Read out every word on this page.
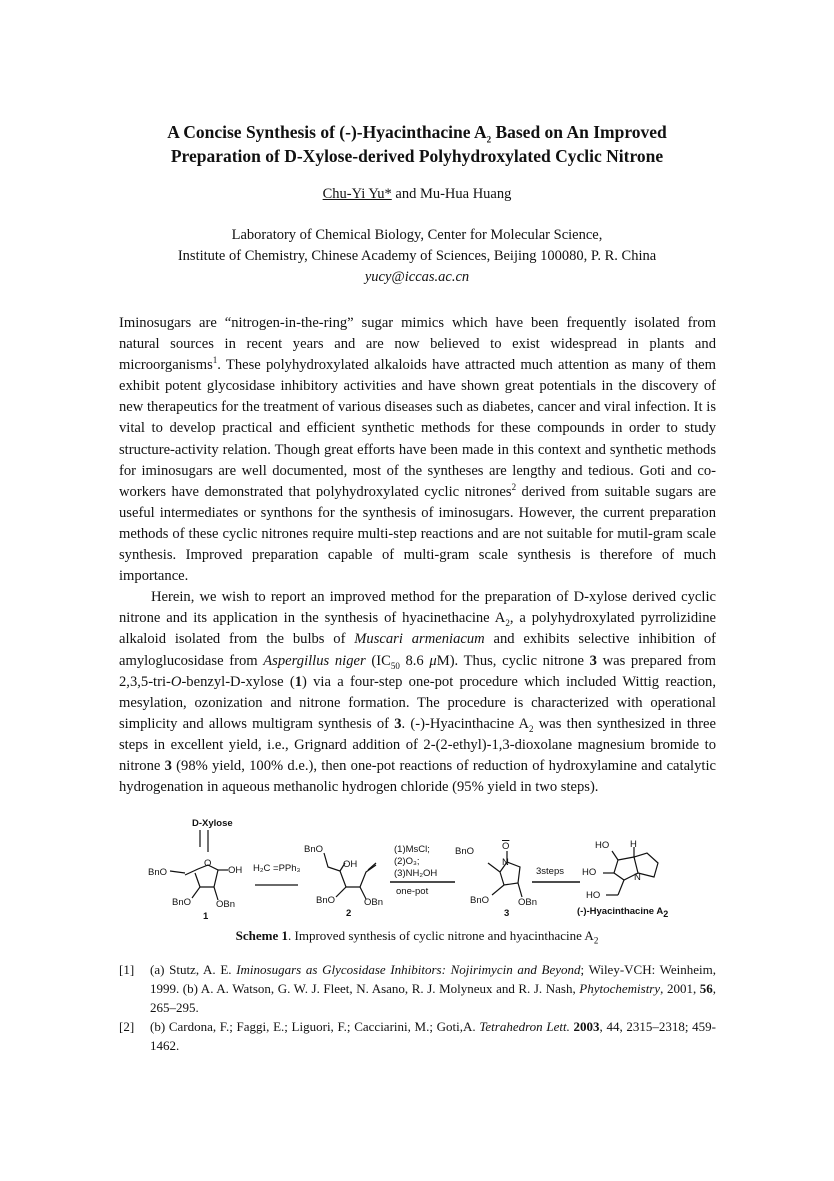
A Concise Synthesis of (-)-Hyacinthacine $A_2$ Based on An Improved
Preparation of D-Xylose-derived Polyhydroxylated Cyclic Nitrone
Chu-Yi Yu* and Mu-Hua Huang
Laboratory of Chemical Biology, Center for Molecular Science,
Institute of Chemistry, Chinese Academy of Sciences, Beijing 100080, P. R. China
yucy@iccas.ac.cn

Iminosugars are “nitrogen-in-the-ring” sugar mimics which have been frequently isolated from natural sources in recent years and are now believed to exist widespread in plants and microorganisms$^1$. These polyhydroxylated alkaloids have attracted much attention as many of them exhibit potent glycosidase inhibitory activities and have shown great potentials in the discovery of new therapeutics for the treatment of various diseases such as diabetes, cancer and viral infection. It is vital to develop practical and efficient synthetic methods for these compounds in order to study structure-activity relation. Though great efforts have been made in this context and synthetic methods for iminosugars are well documented, most of the syntheses are lengthy and tedious. Goti and co-workers have demonstrated that polyhydroxylated cyclic nitrones$^2$ derived from suitable sugars are useful intermediates or synthons for the synthesis of iminosugars. However, the current preparation methods of these cyclic nitrones require multi-step reactions and are not suitable for mutil-gram scale synthesis. Improved preparation capable of multi-gram scale synthesis is therefore of much importance.

Herein, we wish to report an improved method for the preparation of D-xylose derived cyclic nitrone and its application in the synthesis of hyacinethacine $A_2$, a polyhydroxylated pyrrolizidine alkaloid isolated from the bulbs of Muscari armeniacum and exhibits selective inhibition of amyloglucosidase from Aspergillus niger ($IC_{50}$ 8.6 μM). Thus, cyclic nitrone 3 was prepared from 2,3,5-tri-O-benzyl-D-xylose (1) via a four-step one-pot procedure which included Wittig reaction, mesylation, ozonization and nitrone formation. The procedure is characterized with operational simplicity and allows multigram synthesis of 3. (-)-Hyacinthacine $A_2$ was then synthesized in three steps in excellent yield, i.e., Grignard addition of 2-(2-ethyl)-1,3-dioxolane magnesium bromide to nitrone 3 (98% yield, 100% d.e.), then one-pot reactions of reduction of hydroxylamine and catalytic hydrogenation in aqueous methanolic hydrogen chloride (95% yield in two steps).

D-Xylose
BnO
O
OH
BnO	OBn
1
H₂C =PPh₃
BnO
OH
BnO	OBn
2
(1)MsCl;
(2)O₃;
(3)NH₂OH
one-pot
BnO	$\overline{O}$
N
BnO	OBn
3
3steps
HO H
HO	N
HO
(-)-Hyacinthacine $A_2$
Scheme 1. Improved synthesis of cyclic nitrone and hyacinthacine $A_2$
[1] (a) Stutz, A. E. Iminosugars as Glycosidase Inhibitors: Nojirimycin and Beyond; Wiley-VCH: Weinheim, 1999. (b) A. A. Watson, G. W. J. Fleet, N. Asano, R. J. Molyneux and R. J. Nash, Phytochemistry, 2001, 56, 265–295.
[2] (b) Cardona, F.; Faggi, E.; Liguori, F.; Cacciarini, M.; Goti,A. Tetrahedron Lett. 2003, 44, 2315–2318; 459-1462.
